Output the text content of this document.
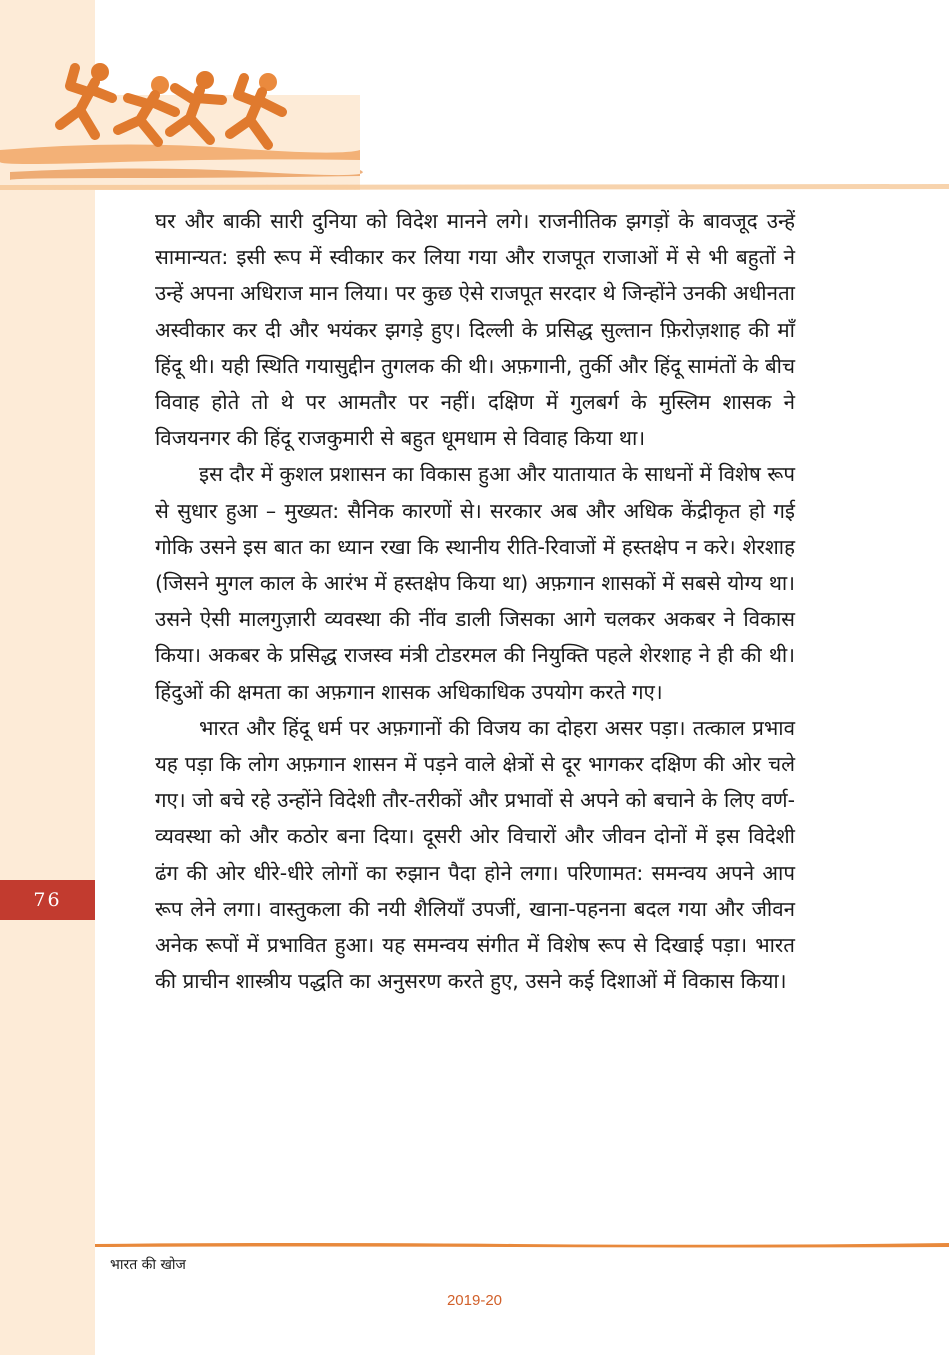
76

घर और बाकी सारी दुनिया को विदेश मानने लगे। राजनीतिक झगड़ों के बावजूद उन्हें सामान्यत: इसी रूप में स्वीकार कर लिया गया और राजपूत राजाओं में से भी बहुतों ने उन्हें अपना अधिराज मान लिया। पर कुछ ऐसे राजपूत सरदार थे जिन्होंने उनकी अधीनता अस्वीकार कर दी और भयंकर झगड़े हुए। दिल्ली के प्रसिद्ध सुल्तान फ़िरोज़शाह की माँ हिंदू थी। यही स्थिति गयासुद्दीन तुगलक की थी। अफ़गानी, तुर्की और हिंदू सामंतों के बीच विवाह होते तो थे पर आमतौर पर नहीं। दक्षिण में गुलबर्ग के मुस्लिम शासक ने विजयनगर की हिंदू राजकुमारी से बहुत धूमधाम से विवाह किया था।

इस दौर में कुशल प्रशासन का विकास हुआ और यातायात के साधनों में विशेष रूप से सुधार हुआ – मुख्यत: सैनिक कारणों से। सरकार अब और अधिक केंद्रीकृत हो गई गोकि उसने इस बात का ध्यान रखा कि स्थानीय रीति-रिवाजों में हस्तक्षेप न करे। शेरशाह (जिसने मुगल काल के आरंभ में हस्तक्षेप किया था) अफ़गान शासकों में सबसे योग्य था। उसने ऐसी मालगुज़ारी व्यवस्था की नींव डाली जिसका आगे चलकर अकबर ने विकास किया। अकबर के प्रसिद्ध राजस्व मंत्री टोडरमल की नियुक्ति पहले शेरशाह ने ही की थी। हिंदुओं की क्षमता का अफ़गान शासक अधिकाधिक उपयोग करते गए।

भारत और हिंदू धर्म पर अफ़गानों की विजय का दोहरा असर पड़ा। तत्काल प्रभाव यह पड़ा कि लोग अफ़गान शासन में पड़ने वाले क्षेत्रों से दूर भागकर दक्षिण की ओर चले गए। जो बचे रहे उन्होंने विदेशी तौर-तरीकों और प्रभावों से अपने को बचाने के लिए वर्ण-व्यवस्था को और कठोर बना दिया। दूसरी ओर विचारों और जीवन दोनों में इस विदेशी ढंग की ओर धीरे-धीरे लोगों का रुझान पैदा होने लगा। परिणामत: समन्वय अपने आप रूप लेने लगा। वास्तुकला की नयी शैलियाँ उपजीं, खाना-पहनना बदल गया और जीवन अनेक रूपों में प्रभावित हुआ। यह समन्वय संगीत में विशेष रूप से दिखाई पड़ा। भारत की प्राचीन शास्त्रीय पद्धति का अनुसरण करते हुए, उसने कई दिशाओं में विकास किया।

भारत की खोज
2019-20
